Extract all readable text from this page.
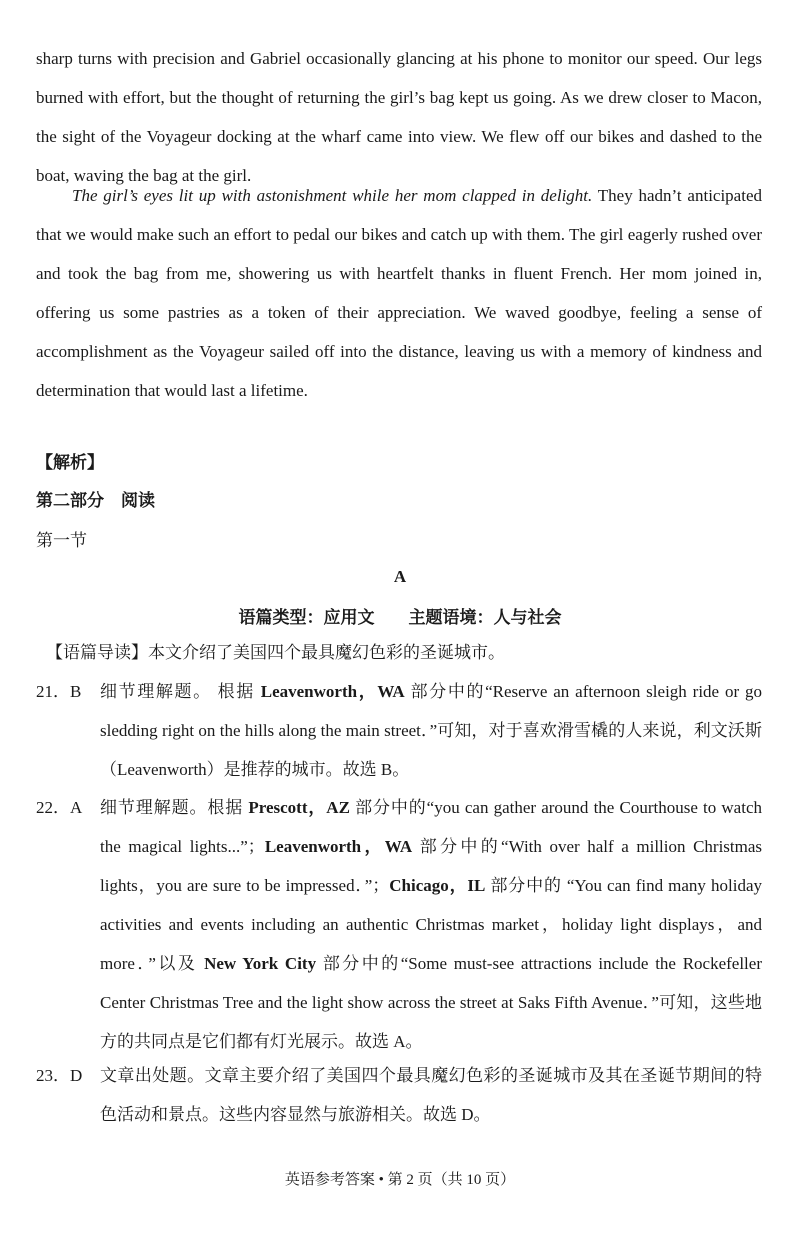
sharp turns with precision and Gabriel occasionally glancing at his phone to monitor our speed. Our legs burned with effort, but the thought of returning the girl’s bag kept us going. As we drew closer to Macon, the sight of the Voyageur docking at the wharf came into view. We flew off our bikes and dashed to the boat, waving the bag at the girl.

The girl’s eyes lit up with astonishment while her mom clapped in delight. They hadn’t anticipated that we would make such an effort to pedal our bikes and catch up with them. The girl eagerly rushed over and took the bag from me, showering us with heartfelt thanks in fluent French. Her mom joined in, offering us some pastries as a token of their appreciation. We waved goodbye, feeling a sense of accomplishment as the Voyageur sailed off into the distance, leaving us with a memory of kindness and determination that would last a lifetime.

【解析】
第二部分　阅读
第一节
A
语篇类型：应用文　　主题语境：人与社会
【语篇导读】本文介绍了美国四个最具魔幻色彩的圣诞城市。
21．B 细节理解题。 根据 Leavenworth，WA 部分中的“Reserve an afternoon sleigh ride or go sledding right on the hills along the main street．”可知，对于喜欢滑雪橇的人来说，利文沃斯（Leavenworth）是推荐的城市。故选 B。
22．A 细节理解题。根据 Prescott，AZ 部分中的“you can gather around the Courthouse to watch the magical lights...”；Leavenworth，WA 部分中的“With over half a million Christmas lights，you are sure to be impressed．”；Chicago，IL 部分中的 “You can find many holiday activities and events including an authentic Christmas market，holiday light displays，and more．”以及 New York City 部分中的“Some must-see attractions include the Rockefeller Center Christmas Tree and the light show across the street at Saks Fifth Avenue．”可知，这些地方的共同点是它们都有灯光展示。故选 A。
23．D 文章出处题。文章主要介绍了美国四个最具魔幻色彩的圣诞城市及其在圣诞节期间的特色活动和景点。这些内容显然与旅游相关。故选 D。
英语参考答案 • 第 2 页（共 10 页）
